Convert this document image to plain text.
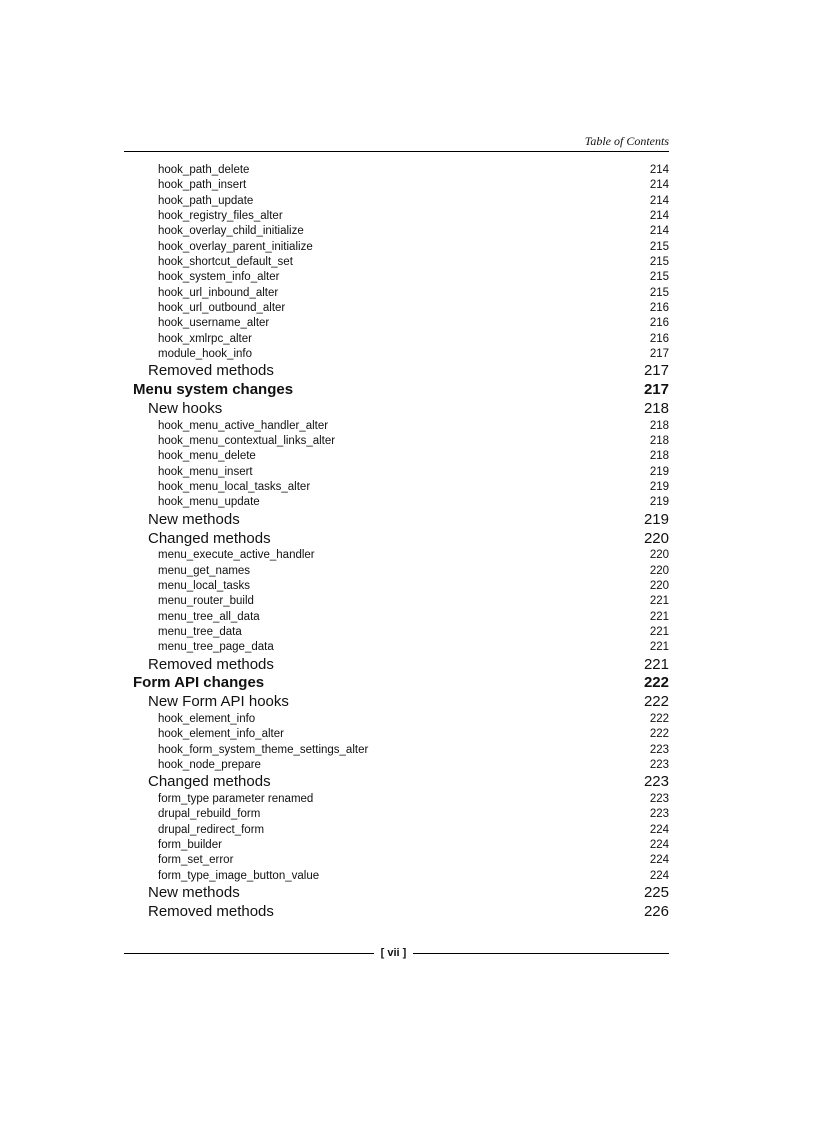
Table of Contents
hook_path_delete	214
hook_path_insert	214
hook_path_update	214
hook_registry_files_alter	214
hook_overlay_child_initialize	214
hook_overlay_parent_initialize	215
hook_shortcut_default_set	215
hook_system_info_alter	215
hook_url_inbound_alter	215
hook_url_outbound_alter	216
hook_username_alter	216
hook_xmlrpc_alter	216
module_hook_info	217
Removed methods	217
Menu system changes	217
New hooks	218
hook_menu_active_handler_alter	218
hook_menu_contextual_links_alter	218
hook_menu_delete	218
hook_menu_insert	219
hook_menu_local_tasks_alter	219
hook_menu_update	219
New methods	219
Changed methods	220
menu_execute_active_handler	220
menu_get_names	220
menu_local_tasks	220
menu_router_build	221
menu_tree_all_data	221
menu_tree_data	221
menu_tree_page_data	221
Removed methods	221
Form API changes	222
New Form API hooks	222
hook_element_info	222
hook_element_info_alter	222
hook_form_system_theme_settings_alter	223
hook_node_prepare	223
Changed methods	223
form_type parameter renamed	223
drupal_rebuild_form	223
drupal_redirect_form	224
form_builder	224
form_set_error	224
form_type_image_button_value	224
New methods	225
Removed methods	226
[ vii ]
